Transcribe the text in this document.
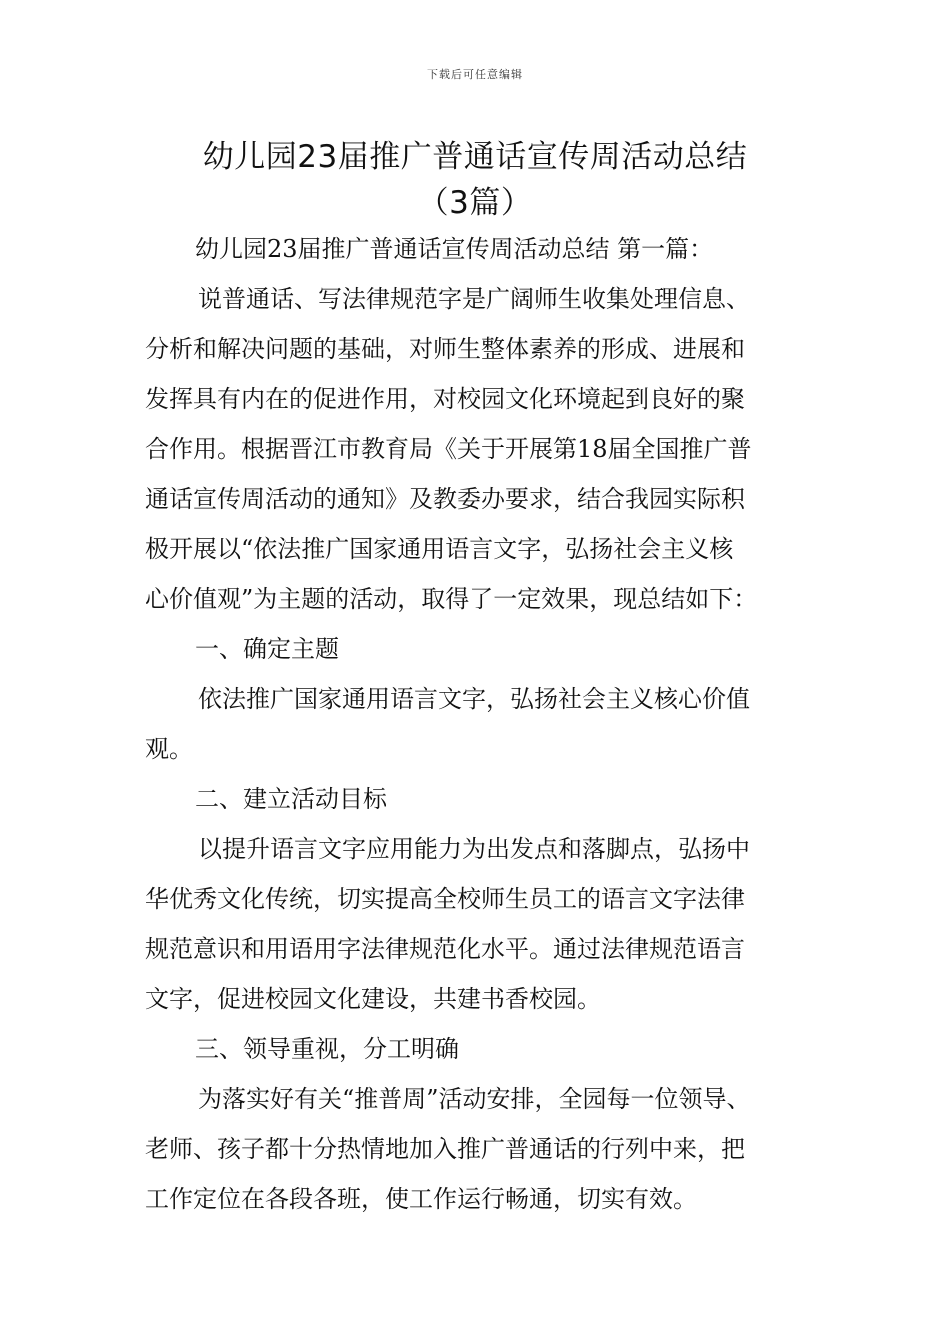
下载后可任意编辑
幼儿园23届推广普通话宣传周活动总结
（3篇）
幼儿园23届推广普通话宣传周活动总结 第一篇：
说普通话、写法律规范字是广阔师生收集处理信息、
分析和解决问题的基础，对师生整体素养的形成、进展和
发挥具有内在的促进作用，对校园文化环境起到良好的聚
合作用。根据晋江市教育局《关于开展第18届全国推广普
通话宣传周活动的通知》及教委办要求，结合我园实际积
极开展以“依法推广国家通用语言文字，弘扬社会主义核
心价值观”为主题的活动，取得了一定效果，现总结如下：
一、确定主题
依法推广国家通用语言文字，弘扬社会主义核心价值
观。
二、建立活动目标
以提升语言文字应用能力为出发点和落脚点，弘扬中
华优秀文化传统，切实提高全校师生员工的语言文字法律
规范意识和用语用字法律规范化水平。通过法律规范语言
文字，促进校园文化建设，共建书香校园。
三、领导重视，分工明确
为落实好有关“推普周”活动安排，全园每一位领导、
老师、孩子都十分热情地加入推广普通话的行列中来，把
工作定位在各段各班，使工作运行畅通，切实有效。
